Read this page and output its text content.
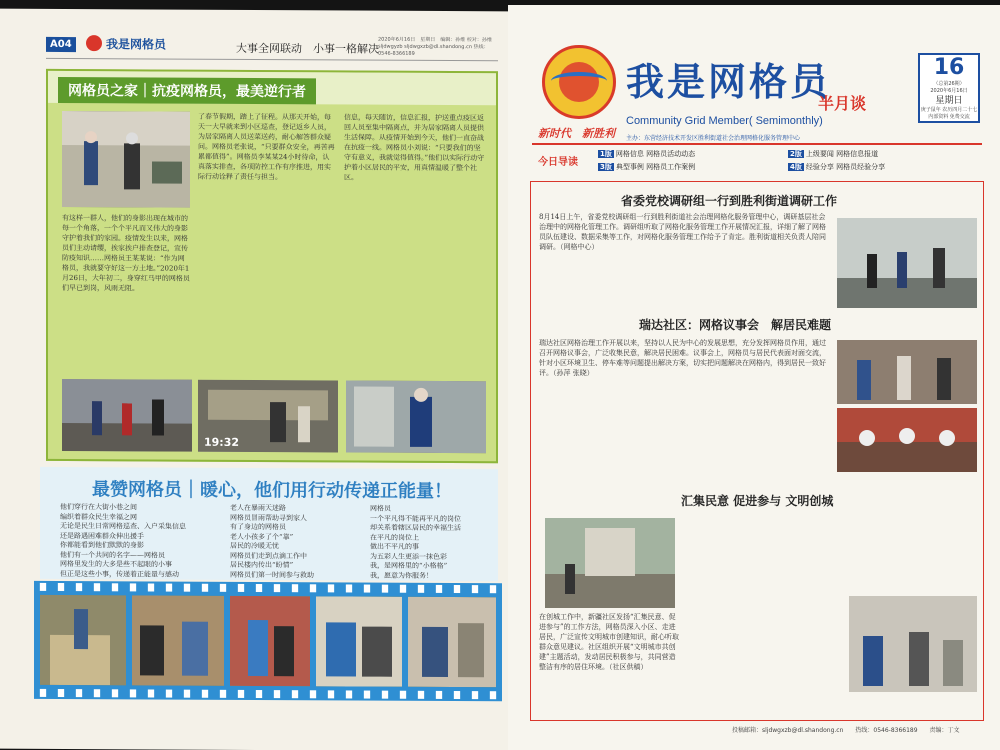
A04	我是网格员	大事全网联动　小事一格解决
2020年6月16日　星期日　编辑：孙维 校对：孙维 sljdwgyzb sljdwgxzb@dl.shandong.cn 热线：0546-8366189
网格员之家｜抗疫网格员，最美逆行者
有这样一群人，他们的身影出现在城市的每一个角落，一个个平凡而又伟大的身影守护着我们的家园。疫情发生以来，网格员们主动请缨，挨家挨户排查登记，宣传防疫知识……网格员王某某说：“作为网格员，我就要守好这一方土地。”2020年1月26日，大年初二，身穿红马甲的网格员们早已到岗，风雨无阻。
了春节假期，踏上了征程。从那天开始，每天一大早就来到小区巡查，登记返乡人员，为居家隔离人员送菜送药，耐心解答群众疑问。网格员老张说，“只要群众安全，再苦再累都值得”。网格员李某某24小时待命，认真落实排查，各项防控工作有序推进，用实际行动诠释了责任与担当。
信息，每天随访，信息汇报，护送重点疫区返回人员至集中隔离点，并为居家隔离人员提供生活保障。从疫情开始到今天，他们一直奋战在抗疫一线。网格员小刘说：“只要我们的坚守有意义，我就觉得值得。”他们以实际行动守护着小区居民的平安，用真情温暖了整个社区。
19:32
最赞网格员｜暖心，他们用行动传递正能量！
他们穿行在大街小巷之间
编织着群众民生幸福之网
无论是民生日常网格巡查、入户采集信息
还是路遇困难群众伸出援手
你都能看到他们默默的身影
他们有一个共同的名字——网格员
网格里发生的大多是些不起眼的小事
但正是这些小事，传递着正能量与感动
老人在暴雨天迷路
网格员冒雨帮助寻到家人
有了身边的网格员
老人小孩多了个“靠”
居民的冷暖无忧
网格员们走到点滴工作中
居民楼内传出“盼情”
网格员们第一时间参与救助
网格员
一个平凡得不能再平凡的岗位
却关系着辖区居民的幸福生活
在平凡的岗位上
做出不平凡的事
为五彩人生更添一抹色彩
我，是网格里的“小格格”
我，愿意为你服务！
我是网格员
半月谈
Community Grid Member( Semimonthly)
新时代　新胜利 主办：东营经济技术开发区胜利街道社会治理网格化服务管理中心
16
（总第26期）
2020年6月16日
星期日
庚子鼠年 农历四月二十七
内部资料 免费交流
今日导读
1版 网格信息 网格员活动动态	2版 上级要闻 网格信息报道
3版 典型事例 网格员工作案例	4版 经验分享 网格员经验分享
省委党校调研组一行到胜利街道调研工作
8月14日上午，省委党校调研组一行到胜利街道社会治理网格化服务管理中心，调研基层社会治理中的网格化管理工作。调研组听取了网格化服务管理工作开展情况汇报，详细了解了网格员队伍建设、数据采集等工作，对网格化服务管理工作给予了肯定。胜利街道相关负责人陪同调研。（网格中心）
瑞达社区：网格议事会　解居民难题
瑞达社区网格治理工作开展以来，坚持以人民为中心的发展思想，充分发挥网格员作用，通过召开网格议事会，广泛收集民意，解决居民困难。议事会上，网格员与居民代表面对面交流，针对小区环境卫生、停车难等问题提出解决方案，切实把问题解决在网格内，得到居民一致好评。（孙萍 张晓）
汇集民意 促进参与 文明创城
在创城工作中，新疆社区发扬“汇集民意、促进参与”的工作方法，网格员深入小区、走进居民，广泛宣传文明城市创建知识，耐心听取群众意见建议。社区组织开展“文明城市共创建”主题活动，发动居民积极参与，共同营造整洁有序的居住环境。（社区供稿）
投稿邮箱：sljdwgxzb@dl.shandong.cn　　热线：0546-8366189　　责编：丁文
